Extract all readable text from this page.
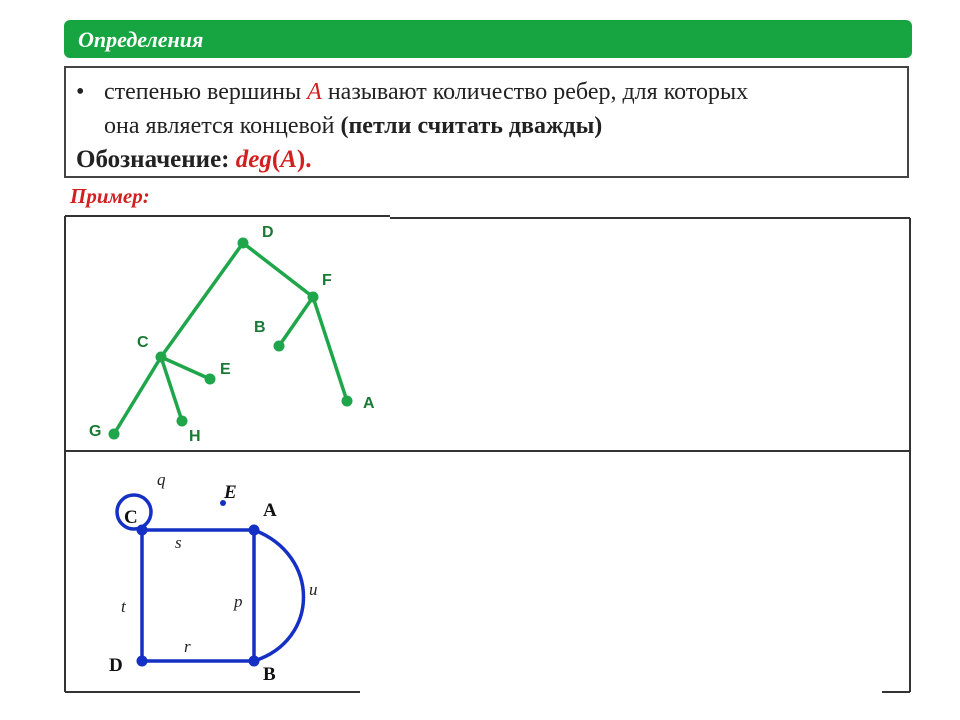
Определения
• степенью вершины A называют количество ребер, для которых
она является концевой (петли считать дважды)
Обозначение: deg(A).
Пример:
D
F
B
C
E
A
G	H
C
E
A
D	B
q
s
t	p
u
r
